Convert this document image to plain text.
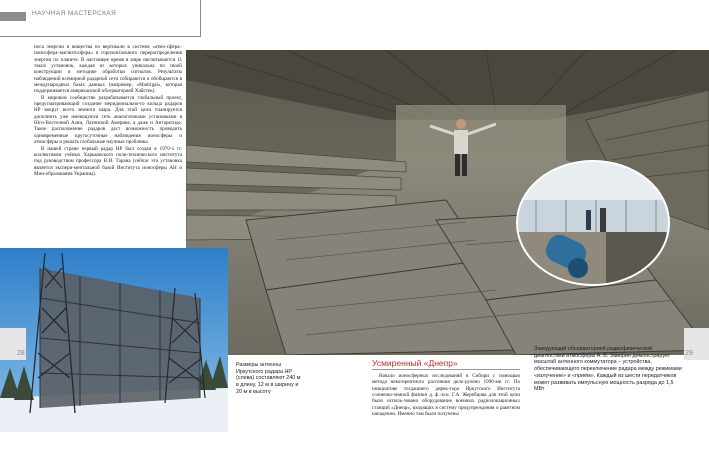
НАУЧНАЯ МАСТЕРСКАЯ

носа энергии и вещества по вертикали в системе «атмо-сфера–ионосфера–магнитосфера» и горизонтального перераспределения энергии по планете. В настоящее время в мире насчитывается 11 таких установок, каждая из которых уникальна по своей конструкции и методике обработки сигналов. Результаты наблюдений всемирной радарной сети собираются и обобщаются в международных базах данных (например, «Madrigal», которая поддерживается американской обсерваторией Хайстек).

В мировом сообществе разрабатывается глобальный проект, предусматривающий создание меридионально-го кольца радаров НР вокруг всего земного шара. Для этой цели планируется дополнить уже имеющуюся сеть аналогичными установками в Юго-Восточной Азии, Латинской Америке, а даже и Антарктиде. Такое расположение радаров даст возможность проводить одновременные кругосуточные наблюдения ионосферы и атмосферы и решать глобальные научные проблемы.

В нашей стране первый радар НР был создан в 1970-х гг. коллективом учёных Харьковского поли-технического института под руководством профессора В.И. Тарана (сейчас эта установка является экспери-ментальной базой Института ионосферы АН и Мин-образования Украины).

28	29
Размеры антенны Иркутского радара НР (слева) составляют 240 м в длину, 12 м в ширину и 20 м в высоту
Усмиренный «Днепр»

Начало ионосферных исследований в Сибири с помощью метода некогерентного рассеяния дело-рулено 1990-ми гг. По инициативе тогдашнего дирек-тора Иркутского Института солнечно-земной физики д. ф.-м.н. Г.А. Жеребцова для этой цели было исполь-зовано оборудование военных радиолокационных станций «Днепр», входящих в систему предупреждения о ракетном нападении. Именно там были получены

Заведующий обсерваторией радиофизической диагностики атмосферы А. В. Заворин демонстрирует масштаб антенного коммутатора – устройства, обеспечивающего переключение радара между режимами «излучение» и «приём». Каждый из шести передатчиков может развивать импульсную мощность разряда до 1,5 МВт
